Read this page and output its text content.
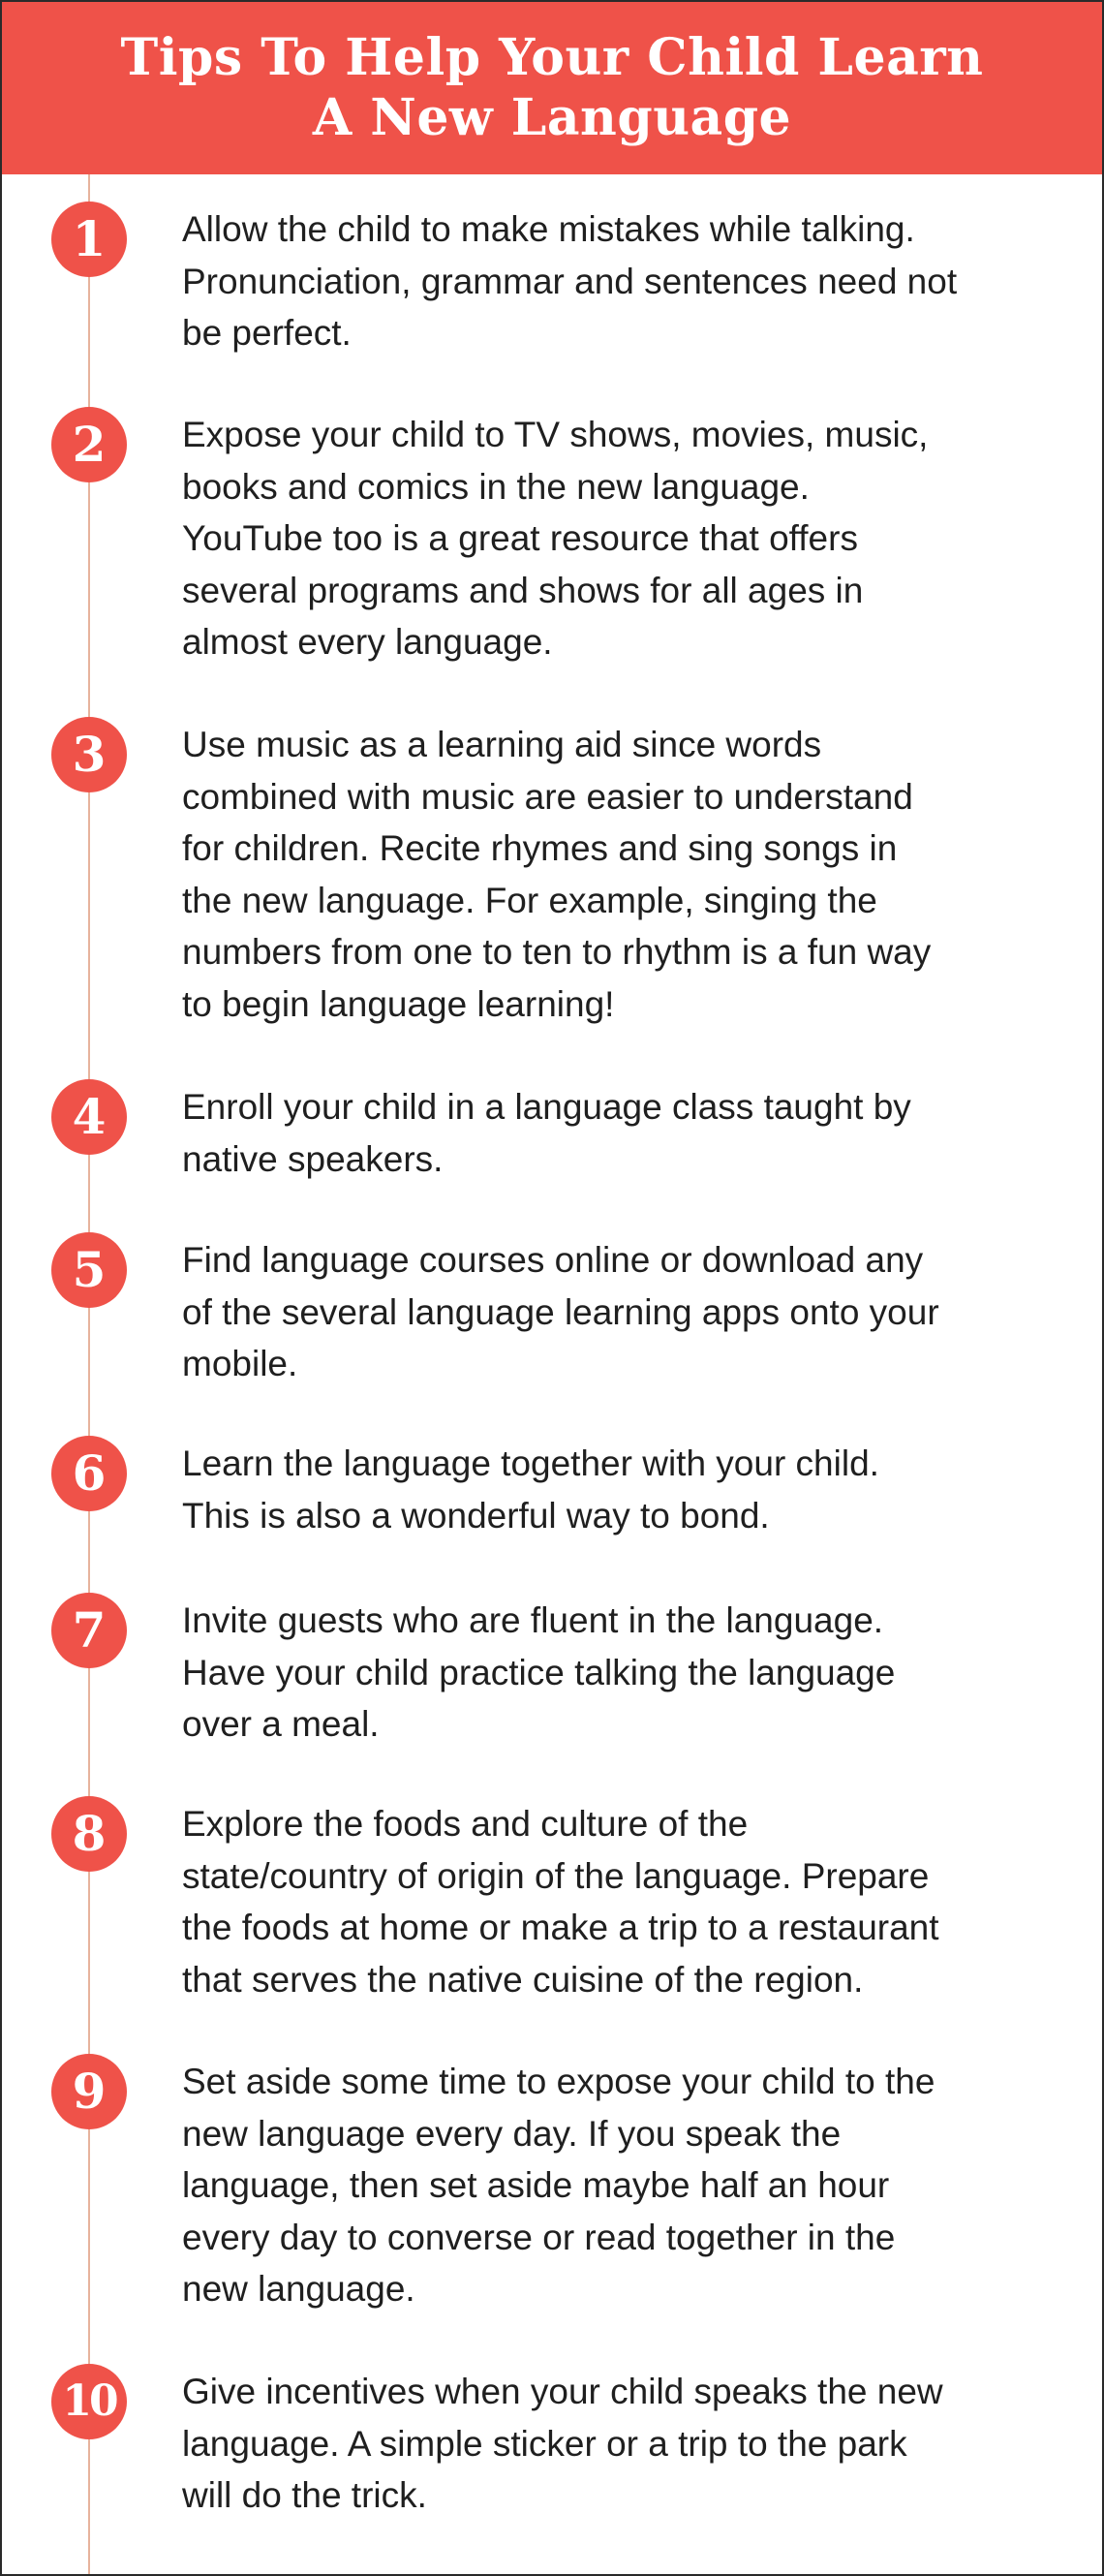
Tips To Help Your Child Learn
A New Language
1	Allow the child to make mistakes while talking.
Pronunciation, grammar and sentences need not
be perfect.
2	Expose your child to TV shows, movies, music,
books and comics in the new language.
YouTube too is a great resource that offers
several programs and shows for all ages in
almost every language.
3	Use music as a learning aid since words
combined with music are easier to understand
for children. Recite rhymes and sing songs in
the new language. For example, singing the
numbers from one to ten to rhythm is a fun way
to begin language learning!
4	Enroll your child in a language class taught by
native speakers.
5	Find language courses online or download any
of the several language learning apps onto your
mobile.
6	Learn the language together with your child.
This is also a wonderful way to bond.
7	Invite guests who are fluent in the language.
Have your child practice talking the language
over a meal.
8	Explore the foods and culture of the
state/country of origin of the language. Prepare
the foods at home or make a trip to a restaurant
that serves the native cuisine of the region.
9	Set aside some time to expose your child to the
new language every day. If you speak the
language, then set aside maybe half an hour
every day to converse or read together in the
new language.
10	Give incentives when your child speaks the new
language. A simple sticker or a trip to the park
will do the trick.
